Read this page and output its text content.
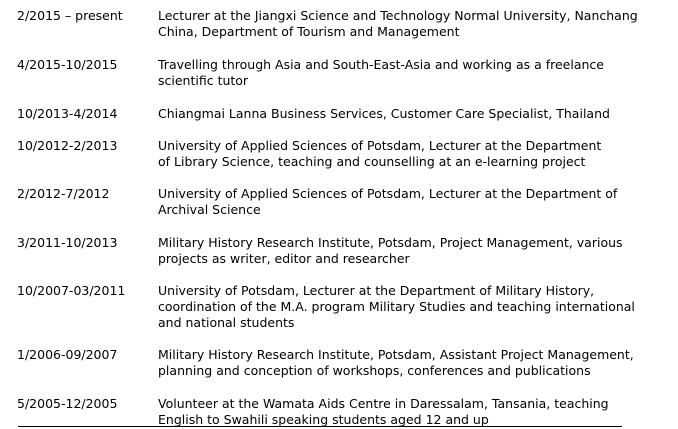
2/2015 – present	Lecturer at the Jiangxi Science and Technology Normal University, Nanchang
China, Department of Tourism and Management
4/2015-10/2015	Travelling through Asia and South-East-Asia and working as a freelance
scientific tutor
10/2013-4/2014	Chiangmai Lanna Business Services, Customer Care Specialist, Thailand
10/2012-2/2013	University of Applied Sciences of Potsdam, Lecturer at the Department
of Library Science, teaching and counselling at an e-learning project
2/2012-7/2012	University of Applied Sciences of Potsdam, Lecturer at the Department of
Archival Science
3/2011-10/2013	Military History Research Institute, Potsdam, Project Management, various
projects as writer, editor and researcher
10/2007-03/2011	University of Potsdam, Lecturer at the Department of Military History,
coordination of the M.A. program Military Studies and teaching international
and national students
1/2006-09/2007	Military History Research Institute, Potsdam, Assistant Project Management,
planning and conception of workshops, conferences and publications
5/2005-12/2005	Volunteer at the Wamata Aids Centre in Daressalam, Tansania, teaching
English to Swahili speaking students aged 12 and up
